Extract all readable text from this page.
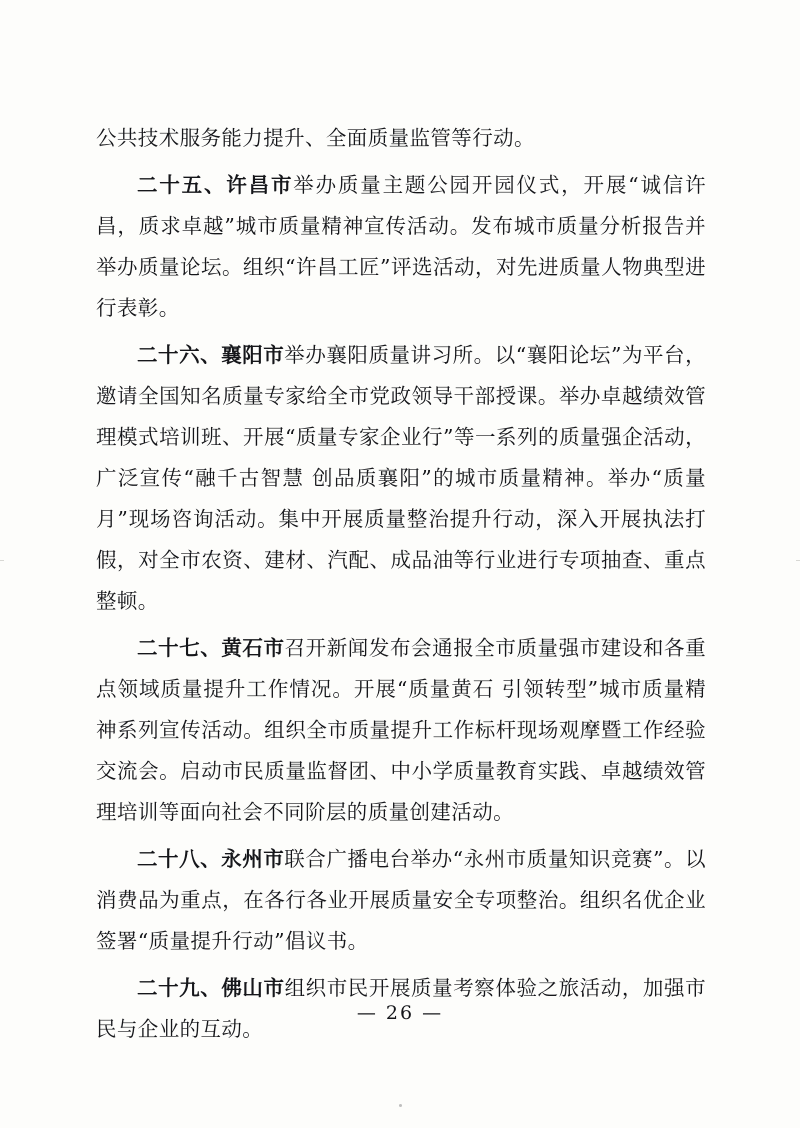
公共技术服务能力提升、全面质量监管等行动。
二十五、许昌市举办质量主题公园开园仪式，开展“诚信许昌，质求卓越”城市质量精神宣传活动。发布城市质量分析报告并举办质量论坛。组织“许昌工匠”评选活动，对先进质量人物典型进行表彰。
二十六、襄阳市举办襄阳质量讲习所。以“襄阳论坛”为平台，邀请全国知名质量专家给全市党政领导干部授课。举办卓越绩效管理模式培训班、开展“质量专家企业行”等一系列的质量强企活动，广泛宣传“融千古智慧 创品质襄阳”的城市质量精神。举办“质量月”现场咨询活动。集中开展质量整治提升行动，深入开展执法打假，对全市农资、建材、汽配、成品油等行业进行专项抽查、重点整顿。
二十七、黄石市召开新闻发布会通报全市质量强市建设和各重点领域质量提升工作情况。开展“质量黄石 引领转型”城市质量精神系列宣传活动。组织全市质量提升工作标杆现场观摩暨工作经验交流会。启动市民质量监督团、中小学质量教育实践、卓越绩效管理培训等面向社会不同阶层的质量创建活动。
二十八、永州市联合广播电台举办“永州市质量知识竞赛”。以消费品为重点，在各行各业开展质量安全专项整治。组织名优企业签署“质量提升行动”倡议书。
二十九、佛山市组织市民开展质量考察体验之旅活动，加强市民与企业的互动。
— 26 —
